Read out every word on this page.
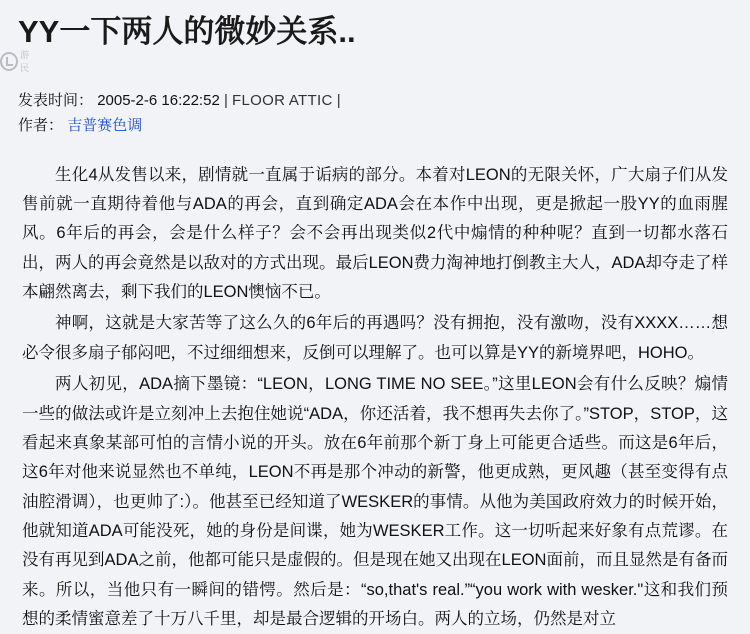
YY一下两人的微妙关系..
游民
发表时间： 2005-2-6 16:22:52 | FLOOR ATTIC |
作者： 吉普赛色调

生化4从发售以来，剧情就一直属于诟病的部分。本着对LEON的无限关怀，广大扇子们从发售前就一直期待着他与ADA的再会，直到确定ADA会在本作中出现，更是掀起一股YY的血雨腥风。6年后的再会，会是什么样子？会不会再出现类似2代中煽情的种种呢？直到一切都水落石出，两人的再会竟然是以敌对的方式出现。最后LEON费力淘神地打倒教主大人，ADA却夺走了样本翩然离去，剩下我们的LEON懊恼不已。

神啊，这就是大家苦等了这么久的6年后的再遇吗？没有拥抱，没有激吻，没有XXXX……想必令很多扇子郁闷吧，不过细细想来，反倒可以理解了。也可以算是YY的新境界吧，HOHO。

两人初见，ADA摘下墨镜：“LEON，LONG TIME NO SEE。”这里LEON会有什么反映？煽情一些的做法或许是立刻冲上去抱住她说“ADA，你还活着，我不想再失去你了。”STOP，STOP，这看起来真象某部可怕的言情小说的开头。放在6年前那个新丁身上可能更合适些。而这是6年后，这6年对他来说显然也不单纯，LEON不再是那个冲动的新警，他更成熟，更风趣（甚至变得有点油腔滑调），也更帅了:）。他甚至已经知道了WESKER的事情。从他为美国政府效力的时候开始，他就知道ADA可能没死，她的身份是间谍，她为WESKER工作。这一切听起来好象有点荒谬。在没有再见到ADA之前，他都可能只是虚假的。但是现在她又出现在LEON面前，而且显然是有备而来。所以，当他只有一瞬间的错愕。然后是：“so,that's real.”“you work with wesker."这和我们预想的柔情蜜意差了十万八千里，却是最合逻辑的开场白。两人的立场，仍然是对立
